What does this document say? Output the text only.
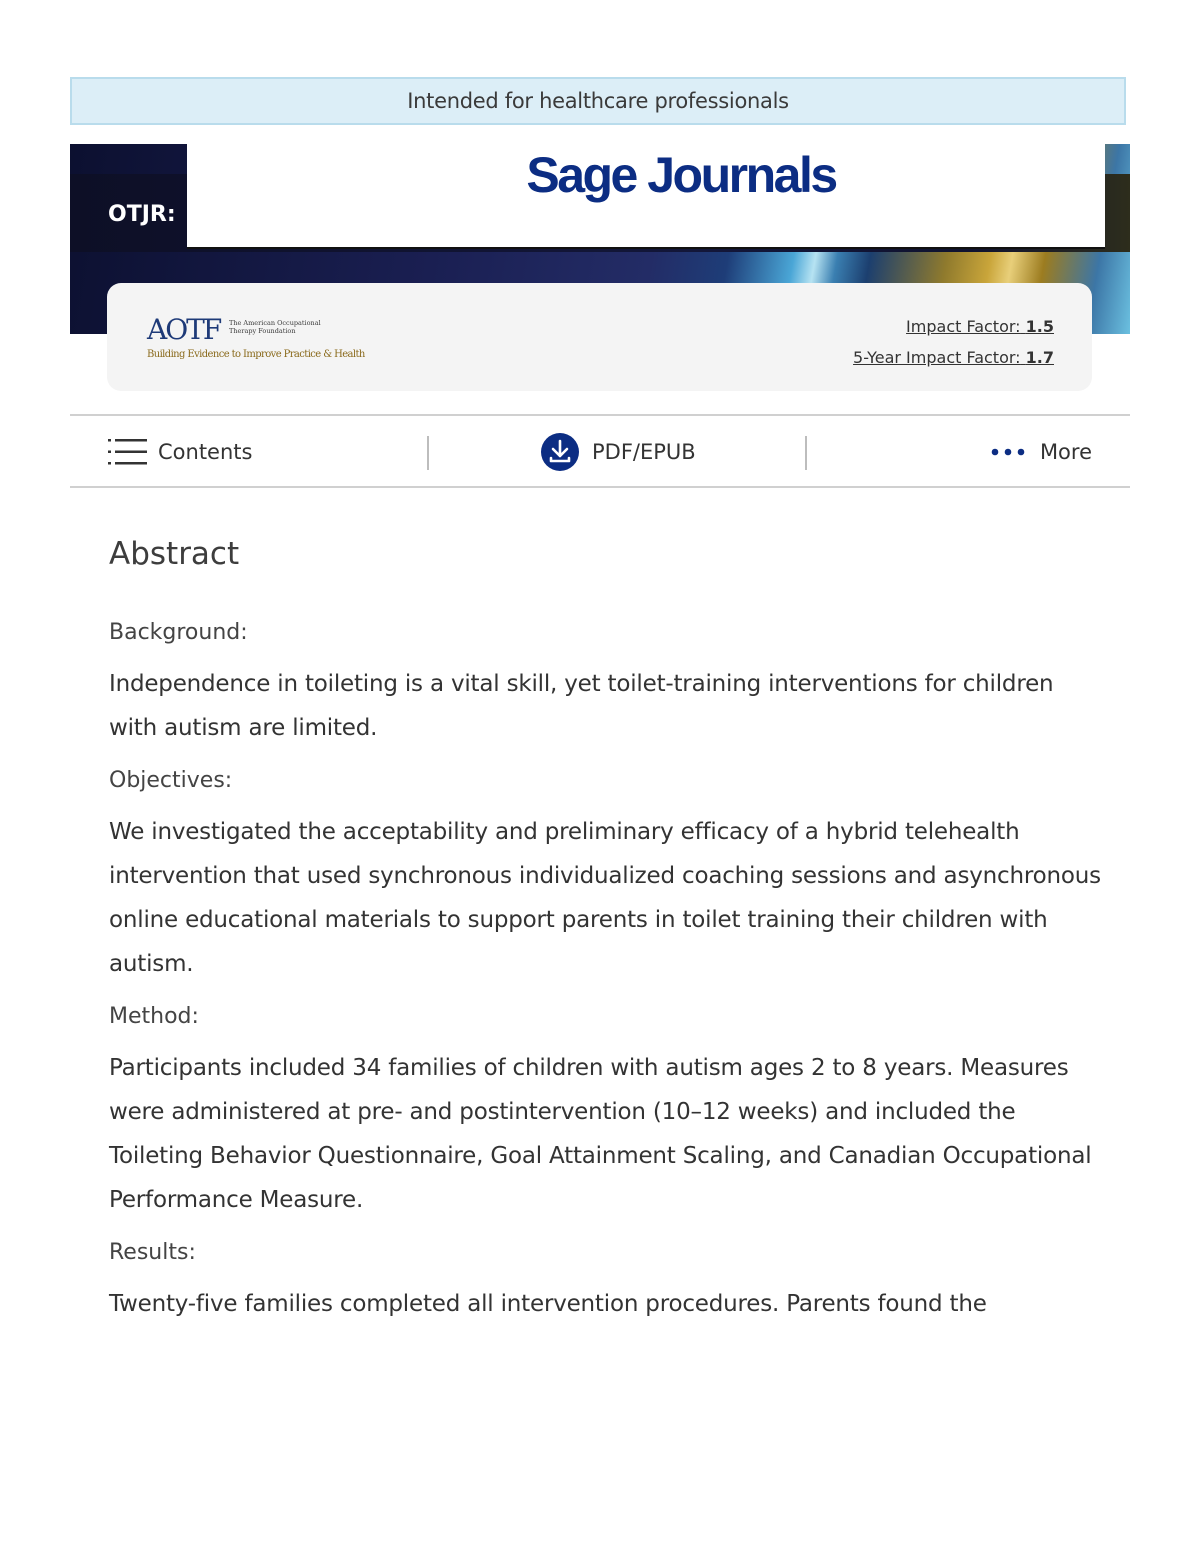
Intended for healthcare professionals
OTJR:
Sage Journals
AOTF The American Occupational Therapy Foundation
Building Evidence to Improve Practice & Health
Impact Factor: 1.5
5-Year Impact Factor: 1.7
Contents	PDF/EPUB	More
Abstract
Background:
Independence in toileting is a vital skill, yet toilet-training interventions for children with autism are limited.
Objectives:
We investigated the acceptability and preliminary efficacy of a hybrid telehealth intervention that used synchronous individualized coaching sessions and asynchronous online educational materials to support parents in toilet training their children with autism.
Method:
Participants included 34 families of children with autism ages 2 to 8 years. Measures were administered at pre- and postintervention (10–12 weeks) and included the Toileting Behavior Questionnaire, Goal Attainment Scaling, and Canadian Occupational Performance Measure.
Results:
Twenty-five families completed all intervention procedures. Parents found the
